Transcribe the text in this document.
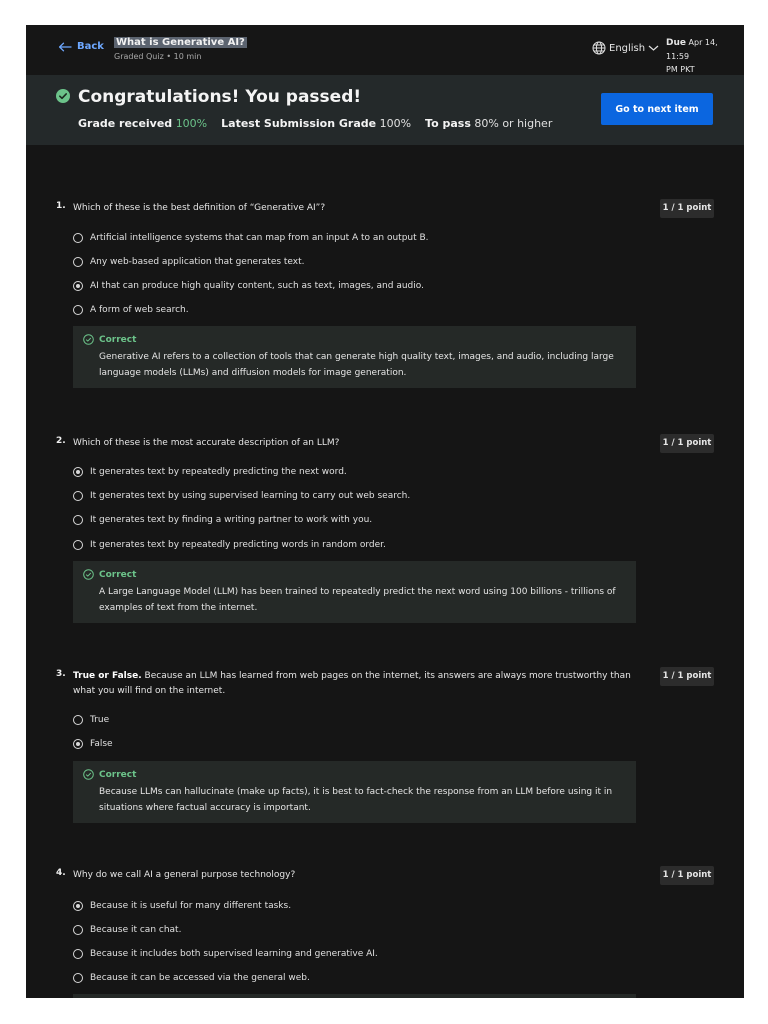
Back What is Generative AI?
Graded Quiz • 10 min
English Due Apr 14, 11:59
PM PKT
Congratulations! You passed!
Grade received 100% Latest Submission Grade 100% To pass 80% or higher
Go to next item
1. Which of these is the best definition of “Generative AI”?	1 / 1 point
Artificial intelligence systems that can map from an input A to an output B.
Any web-based application that generates text.
AI that can produce high quality content, such as text, images, and audio.
A form of web search.
Correct
Generative AI refers to a collection of tools that can generate high quality text, images, and audio, including large language models (LLMs) and diffusion models for image generation.
2. Which of these is the most accurate description of an LLM?	1 / 1 point
It generates text by repeatedly predicting the next word.
It generates text by using supervised learning to carry out web search.
It generates text by finding a writing partner to work with you.
It generates text by repeatedly predicting words in random order.
Correct
A Large Language Model (LLM) has been trained to repeatedly predict the next word using 100 billions - trillions of examples of text from the internet.
3. True or False. Because an LLM has learned from web pages on the internet, its answers are always more trustworthy than what you will find on the internet.
1 / 1 point
True
False
Correct
Because LLMs can hallucinate (make up facts), it is best to fact-check the response from an LLM before using it in situations where factual accuracy is important.
4. Why do we call AI a general purpose technology?	1 / 1 point
Because it is useful for many different tasks.
Because it can chat.
Because it includes both supervised learning and generative AI.
Because it can be accessed via the general web.
